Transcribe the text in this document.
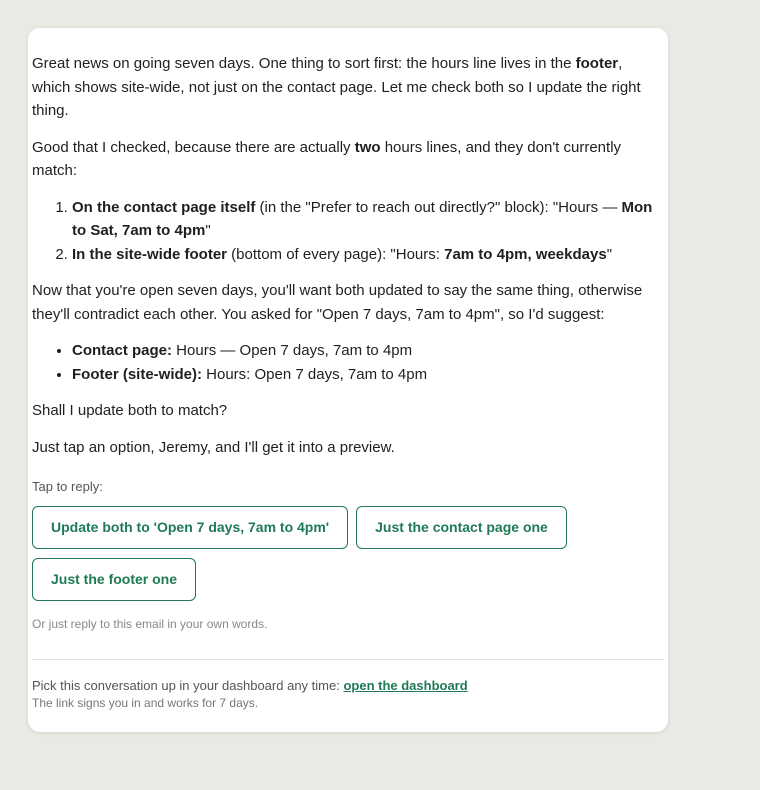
Great news on going seven days. One thing to sort first: the hours line lives in the footer, which shows site-wide, not just on the contact page. Let me check both so I update the right thing.

Good that I checked, because there are actually two hours lines, and they don't currently match:

1. On the contact page itself (in the "Prefer to reach out directly?" block): "Hours — Mon to Sat, 7am to 4pm"
2. In the site-wide footer (bottom of every page): "Hours: 7am to 4pm, weekdays"

Now that you're open seven days, you'll want both updated to say the same thing, otherwise they'll contradict each other. You asked for "Open 7 days, 7am to 4pm", so I'd suggest:

• Contact page: Hours — Open 7 days, 7am to 4pm
• Footer (site-wide): Hours: Open 7 days, 7am to 4pm

Shall I update both to match?

Just tap an option, Jeremy, and I'll get it into a preview.

Tap to reply:
Update both to 'Open 7 days, 7am to 4pm'	Just the contact page one
Just the footer one
Or just reply to this email in your own words.
Pick this conversation up in your dashboard any time: open the dashboard
The link signs you in and works for 7 days.
